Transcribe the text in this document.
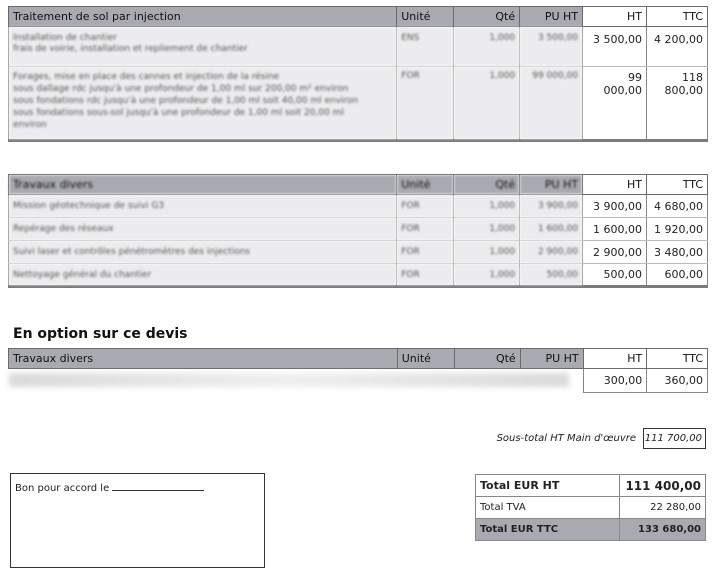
Traitement de sol par injection	Unité	Qté	PU HT	HT	TTC

Installation de chantier
frais de voirie, installation et repliement de chantier	ENS	1,000	3 500,00	3 500,00	4 200,00

Forages, mise en place des cannes et injection de la résine
sous dallage rdc jusqu'à une profondeur de 1,00 ml sur 200,00 m² environ
sous fondations rdc jusqu'à une profondeur de 1,00 ml soit 40,00 ml environ
sous fondations sous-sol jusqu'à une profondeur de 1,00 ml soit 20,00 ml
environ	FOR	1,000	99 000,00	99 000,00	118 800,00
Travaux divers	Unité	Qté	PU HT	HT	TTC
Mission géotechnique de suivi G3	FOR	1,000	3 900,00	3 900,00	4 680,00
Repérage des réseaux	FOR	1,000	1 600,00	1 600,00	1 920,00
Suivi laser et contrôles pénétromètres des injections	FOR	1,000	2 900,00	2 900,00	3 480,00
Nettoyage général du chantier	FOR	1,000	500,00	500,00	600,00
En option sur ce devis
Travaux divers	Unité	Qté	PU HT	HT	TTC

				300,00	360,00
Sous-total HT Main d'œuvre 111 700,00
Bon pour accord le	Total EUR HT	111 400,00
Total TVA	22 280,00
Total EUR TTC	133 680,00
